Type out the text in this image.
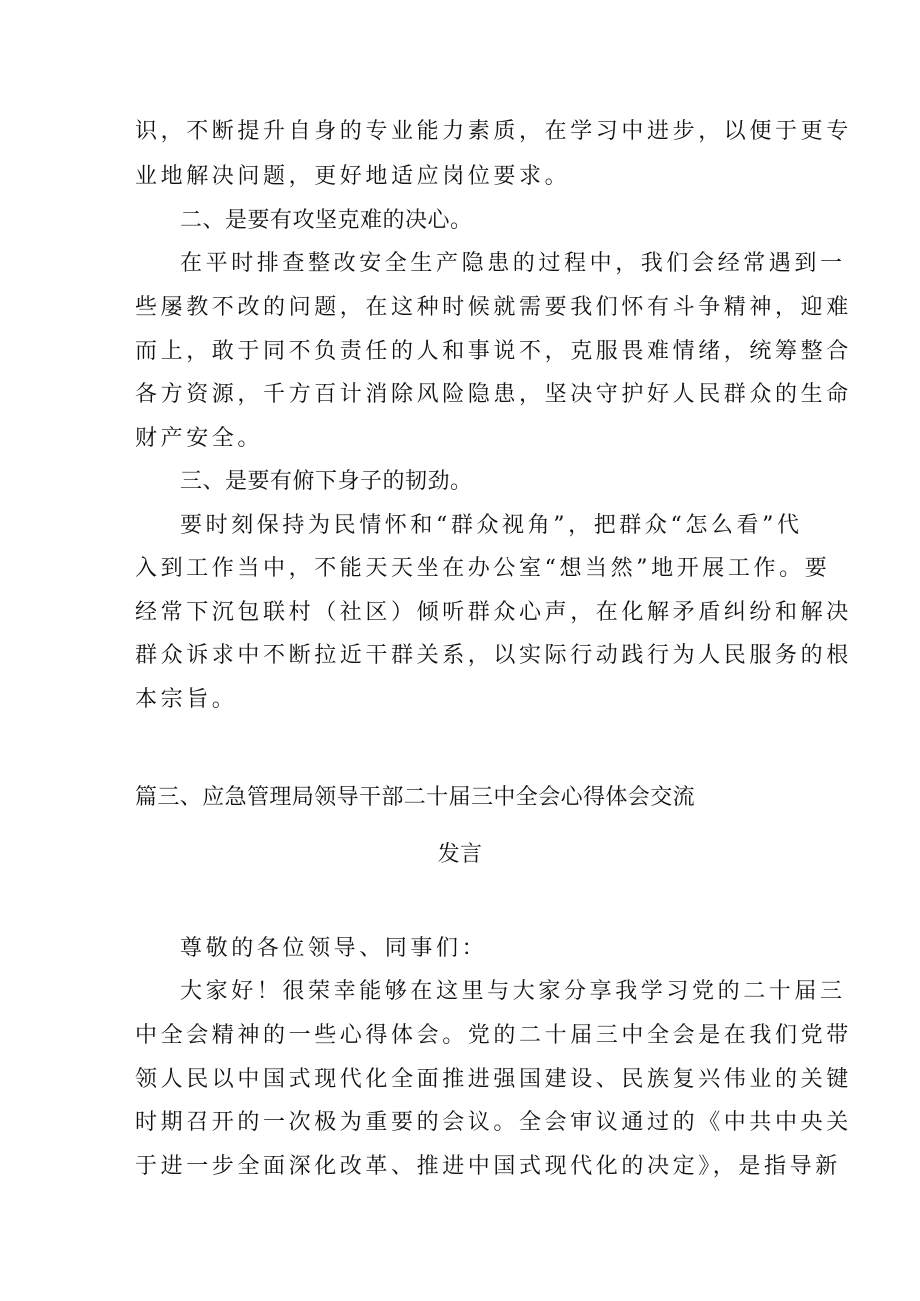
识，不断提升自身的专业能力素质，在学习中进步，以便于更专
业地解决问题，更好地适应岗位要求。
二、是要有攻坚克难的决心。
在平时排查整改安全生产隐患的过程中，我们会经常遇到一
些屡教不改的问题，在这种时候就需要我们怀有斗争精神，迎难
而上，敢于同不负责任的人和事说不，克服畏难情绪，统筹整合
各方资源，千方百计消除风险隐患，坚决守护好人民群众的生命
财产安全。
三、是要有俯下身子的韧劲。
要时刻保持为民情怀和“群众视角”，把群众“怎么看”代
入到工作当中，不能天天坐在办公室“想当然”地开展工作。要
经常下沉包联村（社区）倾听群众心声，在化解矛盾纠纷和解决
群众诉求中不断拉近干群关系，以实际行动践行为人民服务的根
本宗旨。
篇三、应急管理局领导干部二十届三中全会心得体会交流
发言
尊敬的各位领导、同事们：
大家好！很荣幸能够在这里与大家分享我学习党的二十届三
中全会精神的一些心得体会。党的二十届三中全会是在我们党带
领人民以中国式现代化全面推进强国建设、民族复兴伟业的关键
时期召开的一次极为重要的会议。全会审议通过的《中共中央关
于进一步全面深化改革、推进中国式现代化的决定》，是指导新
